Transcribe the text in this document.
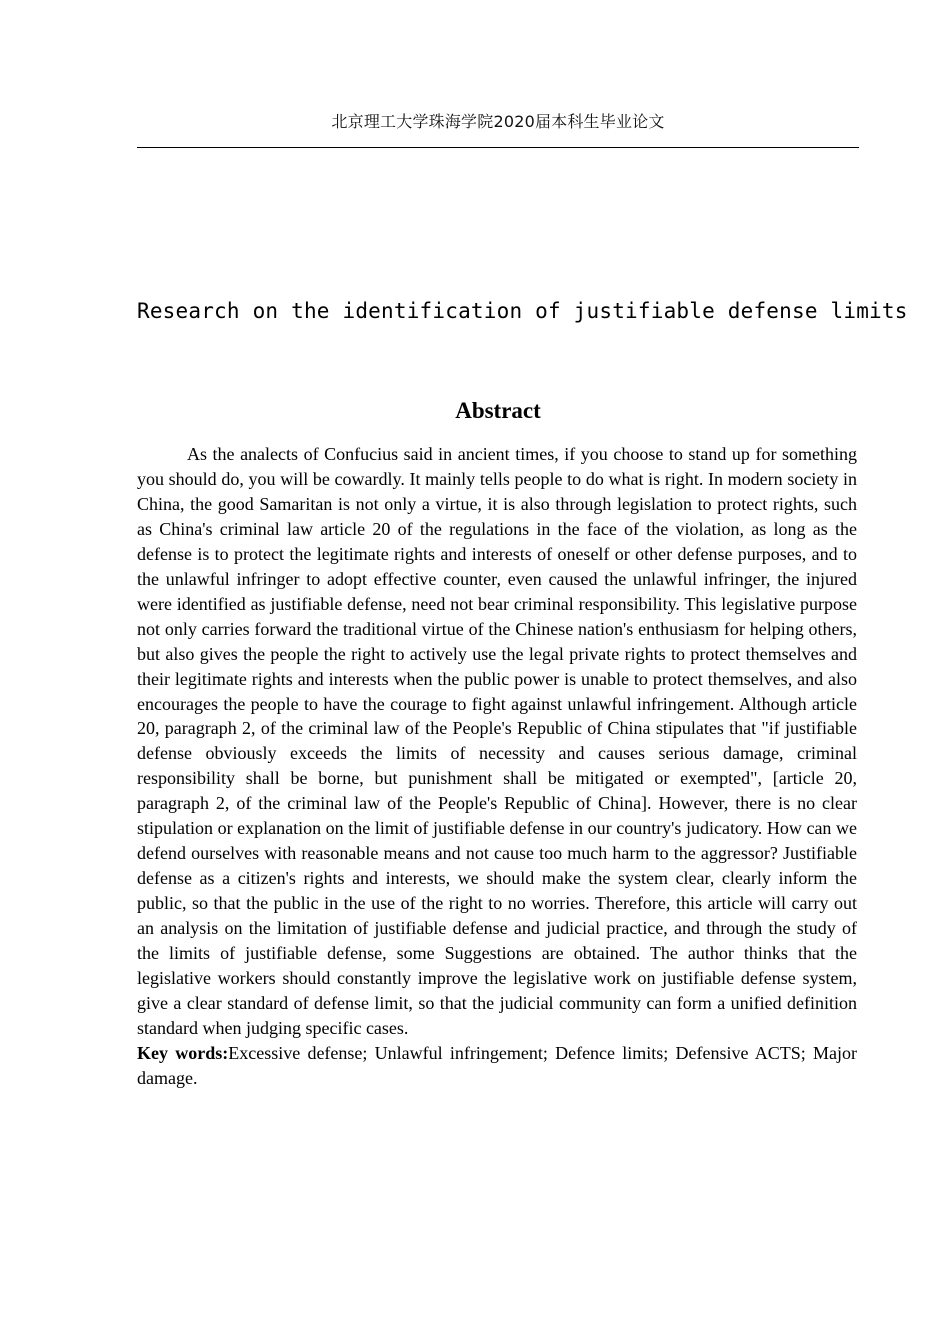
北京理工大学珠海学院2020届本科生毕业论文
Research on the identification of justifiable defense limits
Abstract

As the analects of Confucius said in ancient times, if you choose to stand up for something you should do, you will be cowardly. It mainly tells people to do what is right. In modern society in China, the good Samaritan is not only a virtue, it is also through legislation to protect rights, such as China's criminal law article 20 of the regulations in the face of the violation, as long as the defense is to protect the legitimate rights and interests of oneself or other defense purposes, and to the unlawful infringer to adopt effective counter, even caused the unlawful infringer, the injured were identified as justifiable defense, need not bear criminal responsibility. This legislative purpose not only carries forward the traditional virtue of the Chinese nation's enthusiasm for helping others, but also gives the people the right to actively use the legal private rights to protect themselves and their legitimate rights and interests when the public power is unable to protect themselves, and also encourages the people to have the courage to fight against unlawful infringement. Although article 20, paragraph 2, of the criminal law of the People's Republic of China stipulates that "if justifiable defense obviously exceeds the limits of necessity and causes serious damage, criminal responsibility shall be borne, but punishment shall be mitigated or exempted", [article 20, paragraph 2, of the criminal law of the People's Republic of China]. However, there is no clear stipulation or explanation on the limit of justifiable defense in our country's judicatory. How can we defend ourselves with reasonable means and not cause too much harm to the aggressor? Justifiable defense as a citizen's rights and interests, we should make the system clear, clearly inform the public, so that the public in the use of the right to no worries. Therefore, this article will carry out an analysis on the limitation of justifiable defense and judicial practice, and through the study of the limits of justifiable defense, some Suggestions are obtained. The author thinks that the legislative workers should constantly improve the legislative work on justifiable defense system, give a clear standard of defense limit, so that the judicial community can form a unified definition standard when judging specific cases.

Key words:Excessive defense; Unlawful infringement; Defence limits; Defensive ACTS; Major damage.
